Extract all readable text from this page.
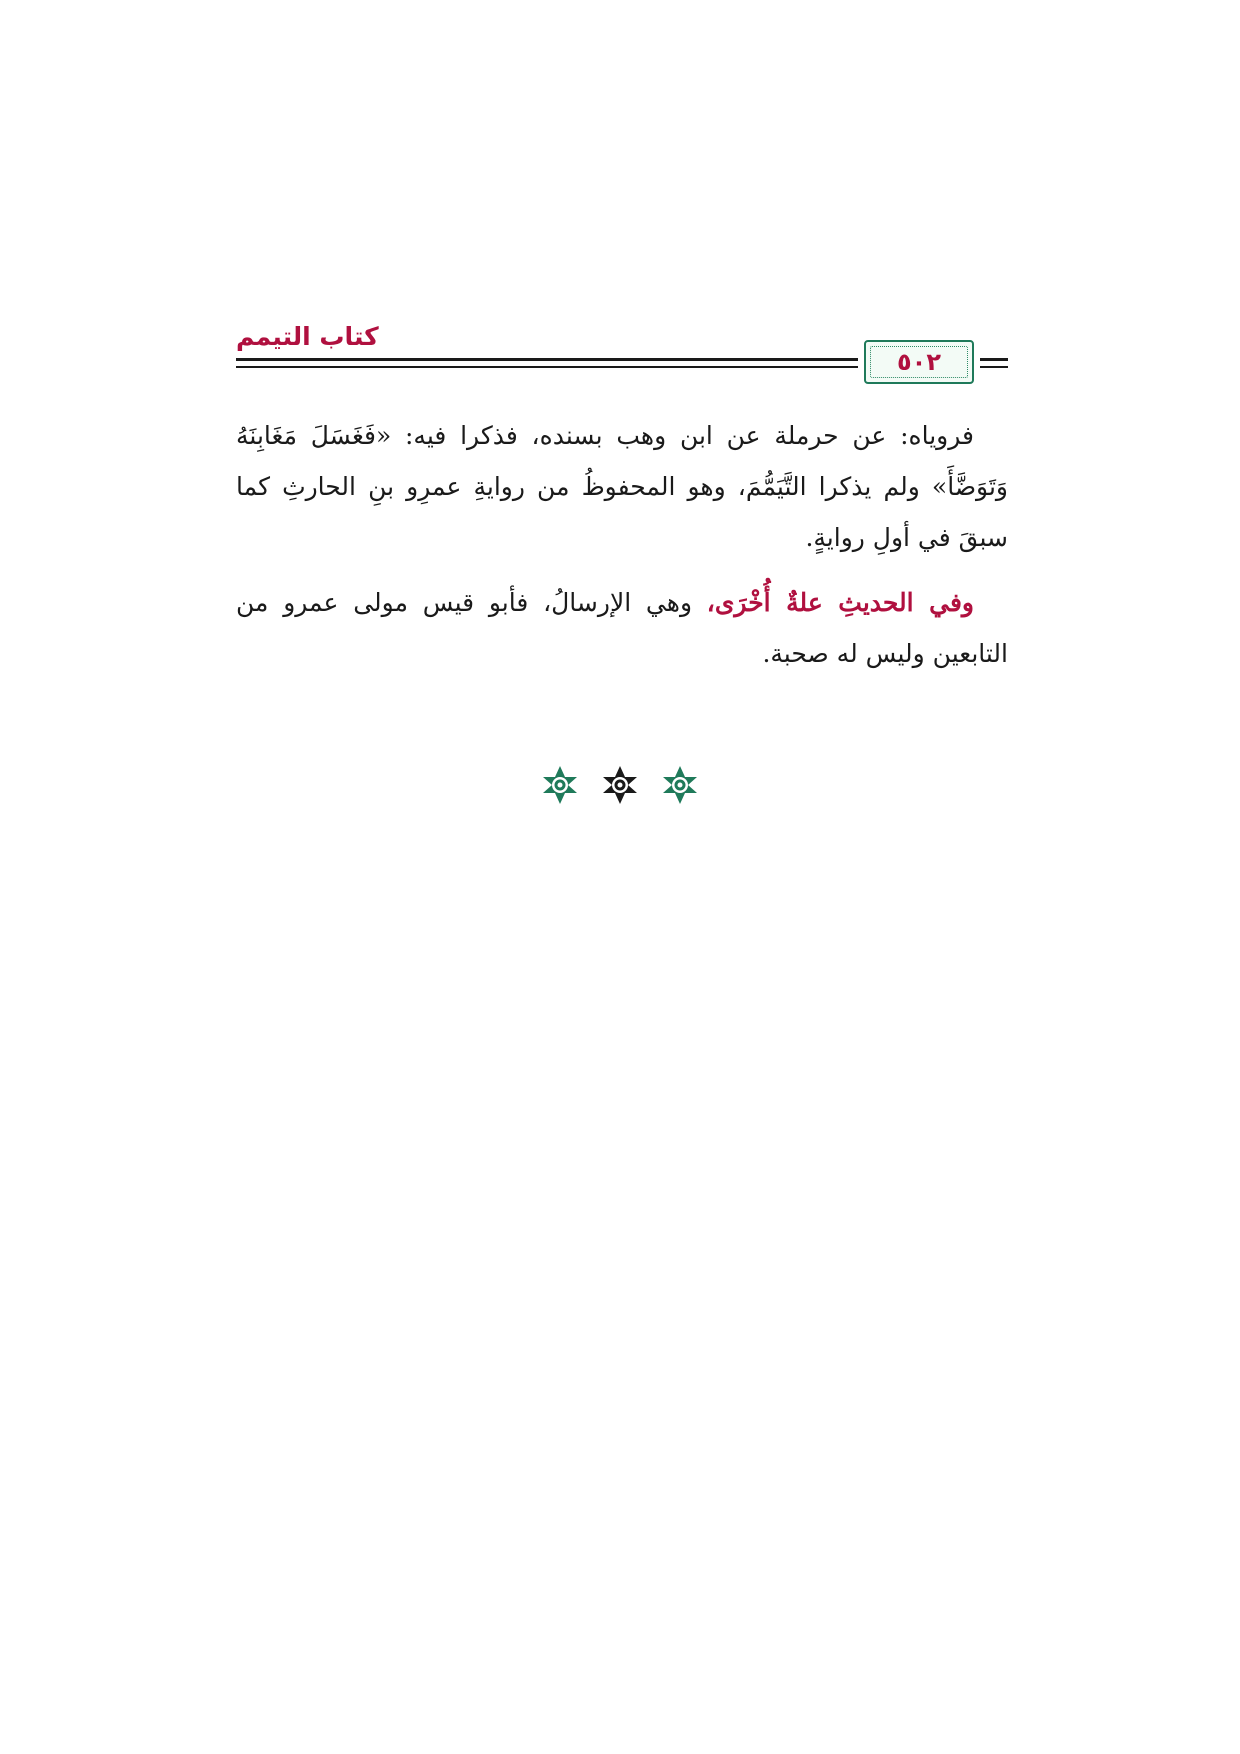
كتاب التيمم
٥٠٢

فروياه: عن حرملة عن ابن وهب بسنده، فذكرا فيه: «فَغَسَلَ مَغَابِنَهُ وَتَوَضَّأَ» ولم يذكرا التَّيَمُّمَ، وهو المحفوظُ من روايةِ عمرِو بنِ الحارثِ كما سبقَ في أولِ روايةٍ.

وفي الحديثِ علةٌ أُخْرَى، وهي الإرسالُ، فأبو قيس مولى عمرو من التابعين وليس له صحبة.
